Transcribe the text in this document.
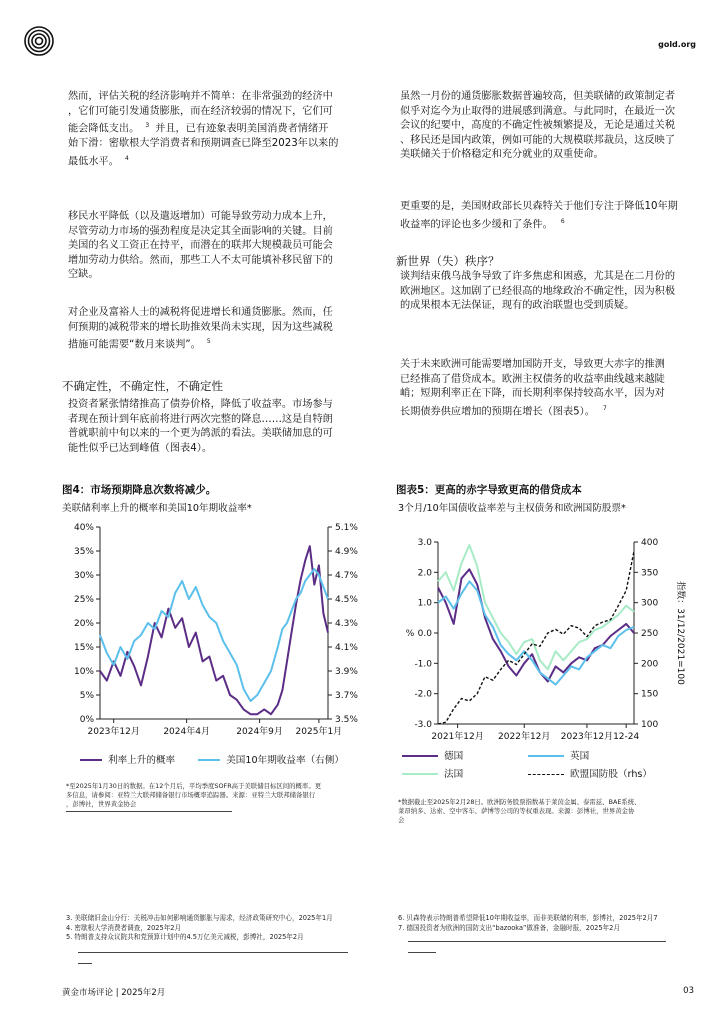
gold.org
然而，评估关税的经济影响并不简单：在非常强劲的经济中
，它们可能引发通货膨胀，而在经济较弱的情况下，它们可
能会降低支出。 $^3$ 并且，已有迹象表明美国消费者情绪开
始下滑：密歇根大学消费者和预期调查已降至2023年以来的
最低水平。 $^4$
移民水平降低（以及遣返增加）可能导致劳动力成本上升，
尽管劳动力市场的强劲程度是决定其全面影响的关键。目前
美国的名义工资正在持平，而潜在的联邦大规模裁员可能会
增加劳动力供给。然而，那些工人不太可能填补移民留下的
空缺。
对企业及富裕人士的减税将促进增长和通货膨胀。然而，任
何预期的减税带来的增长助推效果尚未实现，因为这些减税
措施可能需要“数月来谈判”。 $^5$
不确定性，不确定性，不确定性
投资者紧张情绪推高了债券价格，降低了收益率。市场参与
者现在预计到年底前将进行两次完整的降息……这是自特朗
普就职前中旬以来的一个更为鸽派的看法。美联储加息的可
能性似乎已达到峰值（图表4）。
虽然一月份的通货膨胀数据普遍较高，但美联储的政策制定者
似乎对迄今为止取得的进展感到满意。与此同时，在最近一次
会议的纪要中，高度的不确定性被频繁提及，无论是通过关税
、移民还是国内政策，例如可能的大规模联邦裁员，这反映了
美联储关于价格稳定和充分就业的双重使命。
更重要的是，美国财政部长贝森特关于他们专注于降低10年期
收益率的评论也多少缓和了条件。 $^6$
新世界（失）秩序？
谈判结束俄乌战争导致了许多焦虑和困惑，尤其是在二月份的
欧洲地区。这加剧了已经很高的地缘政治不确定性，因为积极
的成果根本无法保证，现有的政治联盟也受到质疑。
关于未来欧洲可能需要增加国防开支，导致更大赤字的推测
已经推高了借贷成本。欧洲主权债务的收益率曲线越来越陡
峭；短期利率正在下降，而长期利率保持较高水平，因为对
长期债券供应增加的预期在增长（图表5）。 $^7$
图4：市场预期降息次数将减少。
美联储利率上升的概率和美国10年期收益率*
40%
35%
30%
25%
20%
15%
10%
5%
0%
5.1%
4.9%
4.7%
4.5%
4.3%
4.1%
3.9%
3.7%
3.5%
2023年12月	2024年4月	2024年9月 2025年1月
利率上升的概率	美国10年期收益率（右侧）
*至2025年1月30日的数据。在12个月后，平均季度SOFR高于美联储目标区间的概率。更
多信息，请参阅：亚特兰大联邦储备银行市场概率追踪器。来源：亚特兰大联邦储备银行
，彭博社，世界黄金协会
图表5：更高的赤字导致更高的借贷成本
3个月/10年国债收益率差与主权债务和欧洲国防股票*
3.0
2.0
1.0
0.0
-1.0
-2.0
-3.0
400
350
300
250
200
150
100
2021年12月 2022年12月 2023年12月 12-24
%	指数：31/12/2021=100
德国	英国
法国	欧盟国防股（rhs）
*数据截止至2025年2月28日。欧洲防务股票指数基于莱茵金属、泰雷兹、BAE系统、
莱昂纳多、达索、空中客车、萨博等公司的等权重表现。来源：彭博社，世界黄金协
会
3. 美联储旧金山分行：关税冲击如何影响通货膨胀与需求，经济政策研究中心，2025年1月
4. 密歇根大学消费者调查，2025年2月
5. 特朗普支持众议院共和党预算计划中的4.5万亿美元减税，彭博社，2025年2月
6. 贝森特表示特朗普希望降低10年期收益率，而非美联储的利率，彭博社，2025年2月7
7. 德国投资者为欧洲的国防支出“bazooka”做准备，金融时报，2025年2月
黄金市场评论 | 2025年2月	03
